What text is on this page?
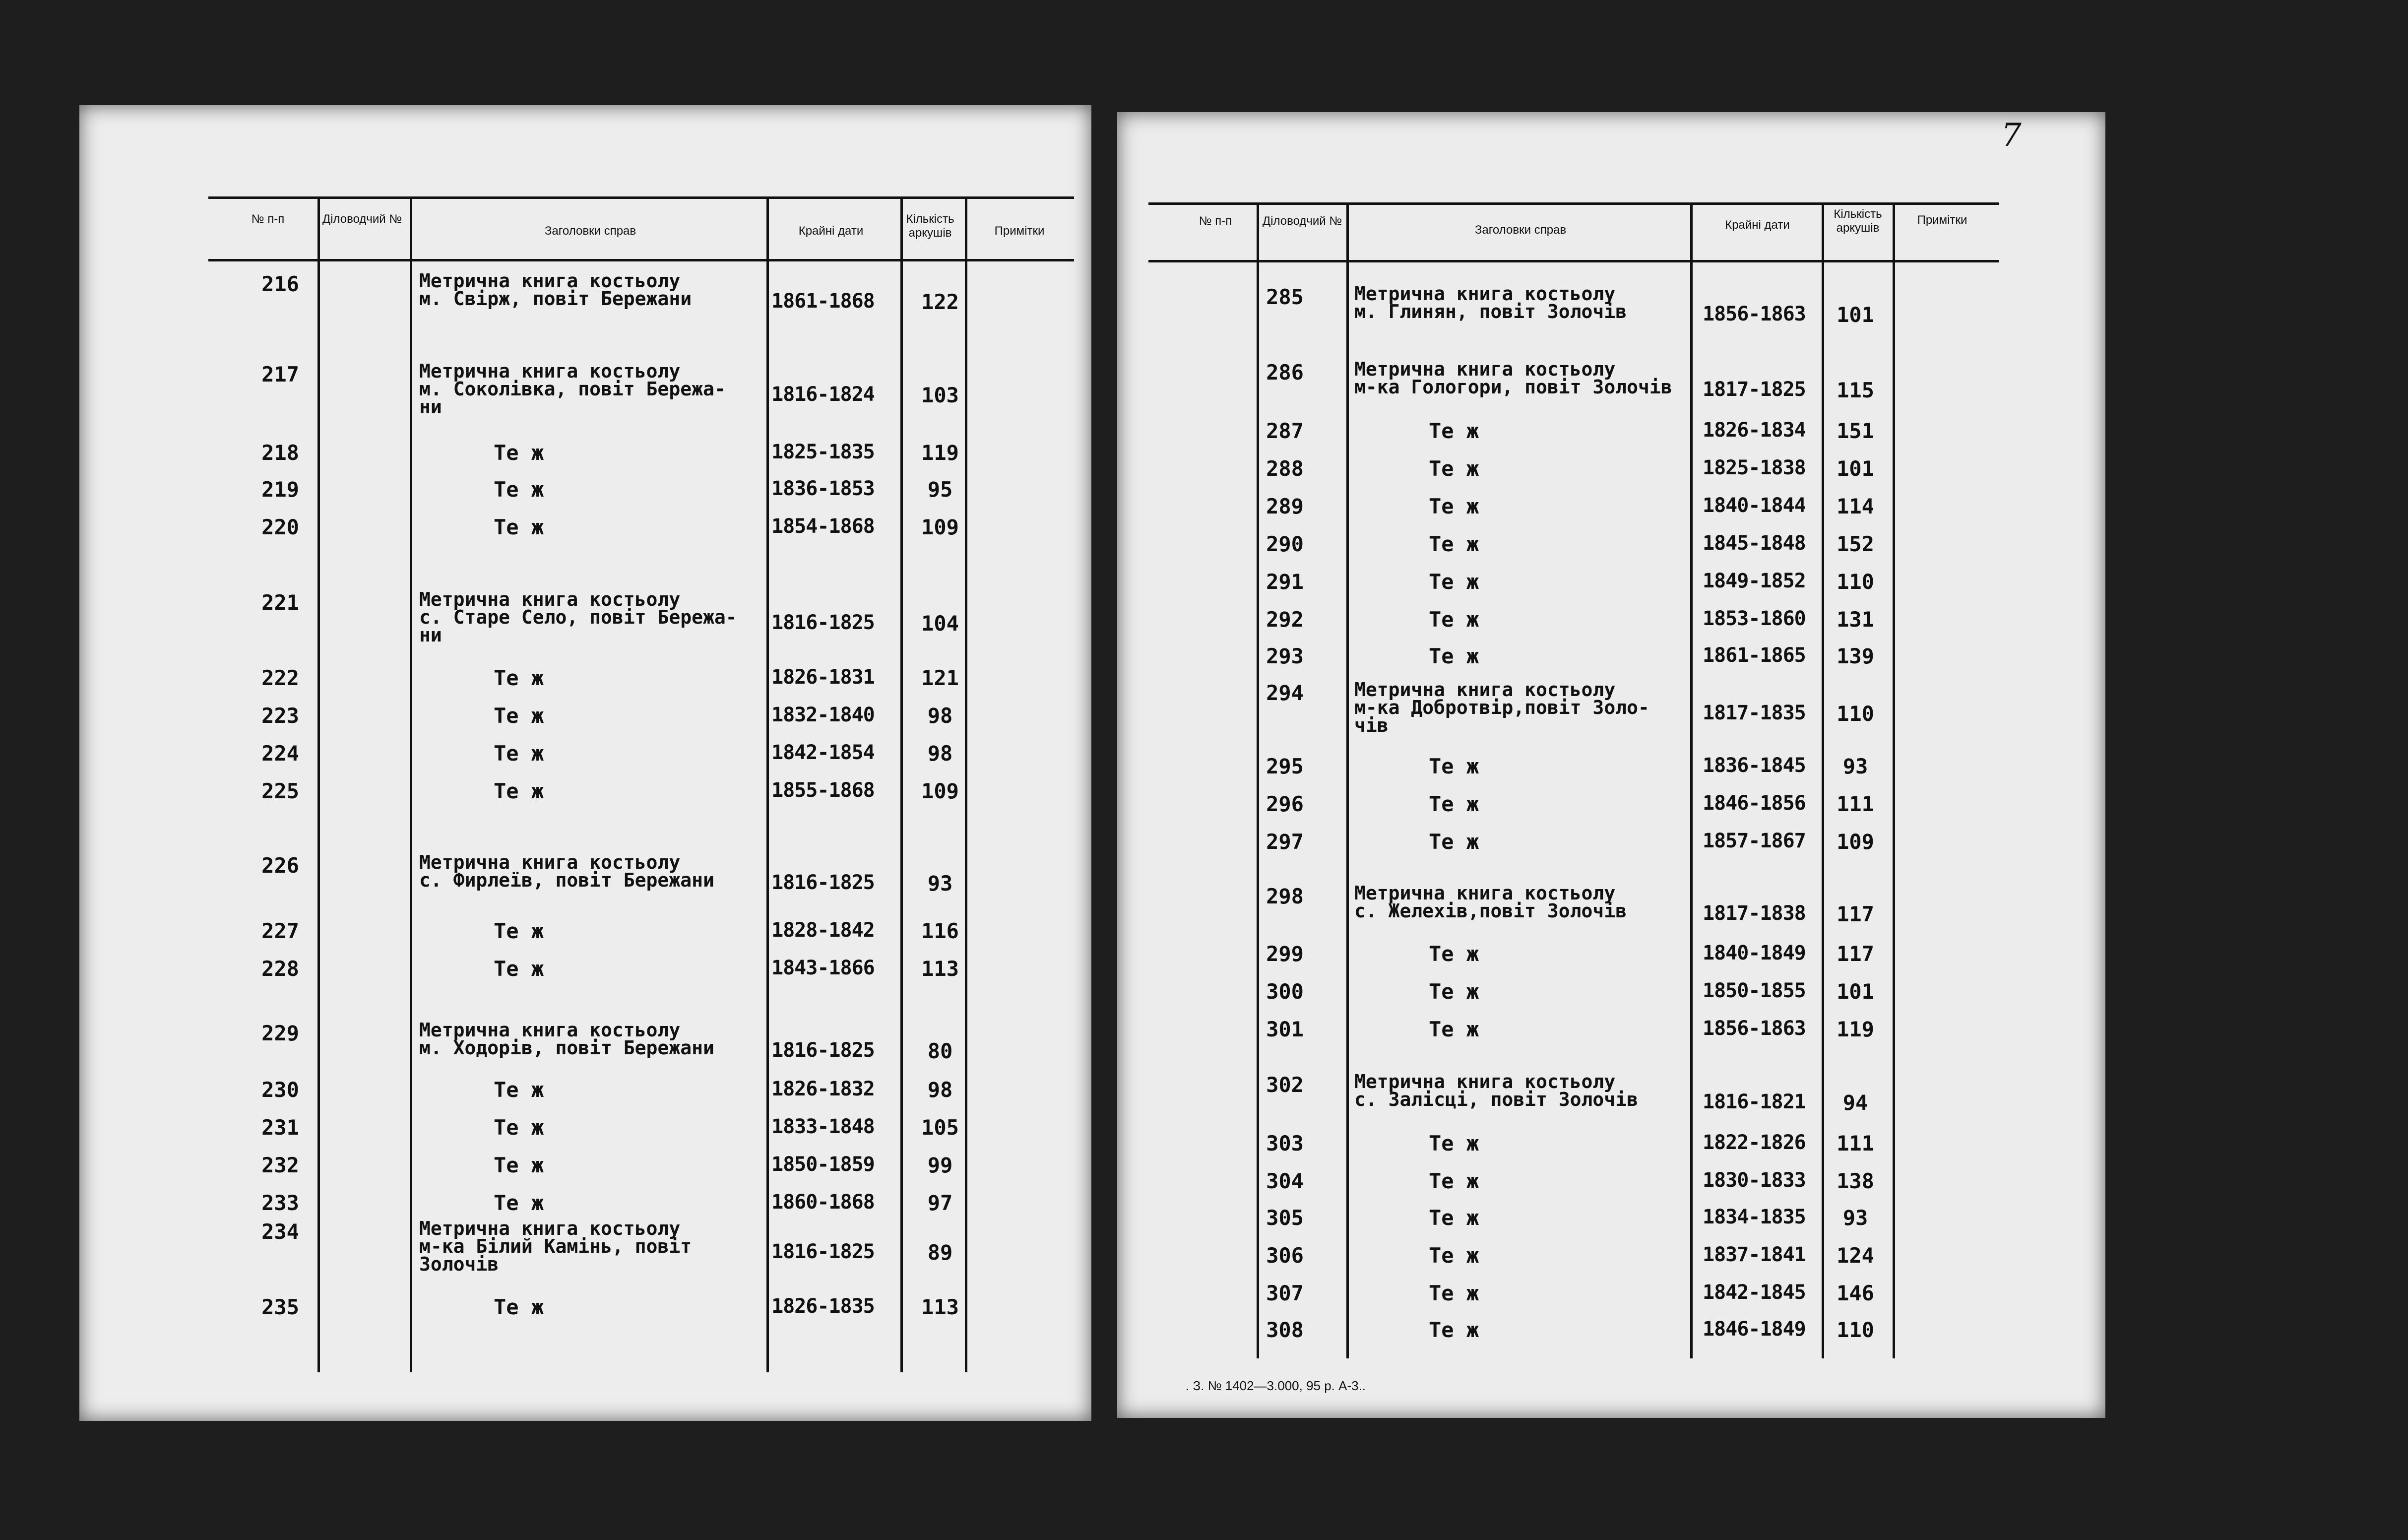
7
№ п-п	Діловодчий №
Заголовки справ	Крайні дати
Кількість аркушів	Примітки
№ п-п	Діловодчий №
Заголовки справ	Крайні дати
Кількість аркушів
Примітки
216	Метрична книга костьолу
м. Свірж, повіт Бережани	1861-1868	122
217	Метрична книга костьолу
м. Соколівка, повіт Бережа-
ни
1816-1824	103
218	Те ж	1825-1835	119
219	Те ж	1836-1853	95
220	Те ж	1854-1868	109
221	Метрична книга костьолу
с. Старе Село, повіт Бережа-
ни
1816-1825	104
222	Те ж	1826-1831	121
223	Те ж	1832-1840	98
224	Те ж	1842-1854	98
225	Те ж	1855-1868	109
226	Метрична книга костьолу
с. Фирлеїв, повіт Бережани	1816-1825	93
227	Те ж	1828-1842	116
228	Те ж	1843-1866	113
229	Метрична книга костьолу
м. Ходорів, повіт Бережани	1816-1825	80
230	Те ж	1826-1832	98
231	Те ж	1833-1848	105
232	Те ж	1850-1859	99
233	Те ж	1860-1868	97
234	Метрична книга костьолу
м-ка Білий Камінь, повіт
Золочів
1816-1825	89
235	Те ж	1826-1835	113
285	Метрична книга костьолу
м. Глинян, повіт Золочів	1856-1863	101
286	Метрична книга костьолу
м-ка Гологори, повіт Золочів 1817-1825	115
287	Те ж	1826-1834	151
288	Те ж	1825-1838	101
289	Те ж	1840-1844	114
290	Те ж	1845-1848	152
291	Те ж	1849-1852	110
292	Те ж	1853-1860	131
293	Те ж	1861-1865	139
294	Метрична книга костьолу
м-ка Добротвір,повіт Золо-
чів
1817-1835	110
295	Те ж	1836-1845	93
296	Те ж	1846-1856	111
297	Те ж	1857-1867	109
298	Метрична книга костьолу
с. Желехів,повіт Золочів	1817-1838	117
299	Те ж	1840-1849	117
300	Те ж	1850-1855	101
301	Те ж	1856-1863	119
302	Метрична книга костьолу
с. Залісці, повіт Золочів	1816-1821	94
303	Те ж	1822-1826	111
304	Те ж	1830-1833	138
305	Те ж	1834-1835	93
306	Те ж	1837-1841	124
307	Те ж	1842-1845	146
308	Те ж	1846-1849	110
. З. № 1402—3.000, 95 р. А-3..
